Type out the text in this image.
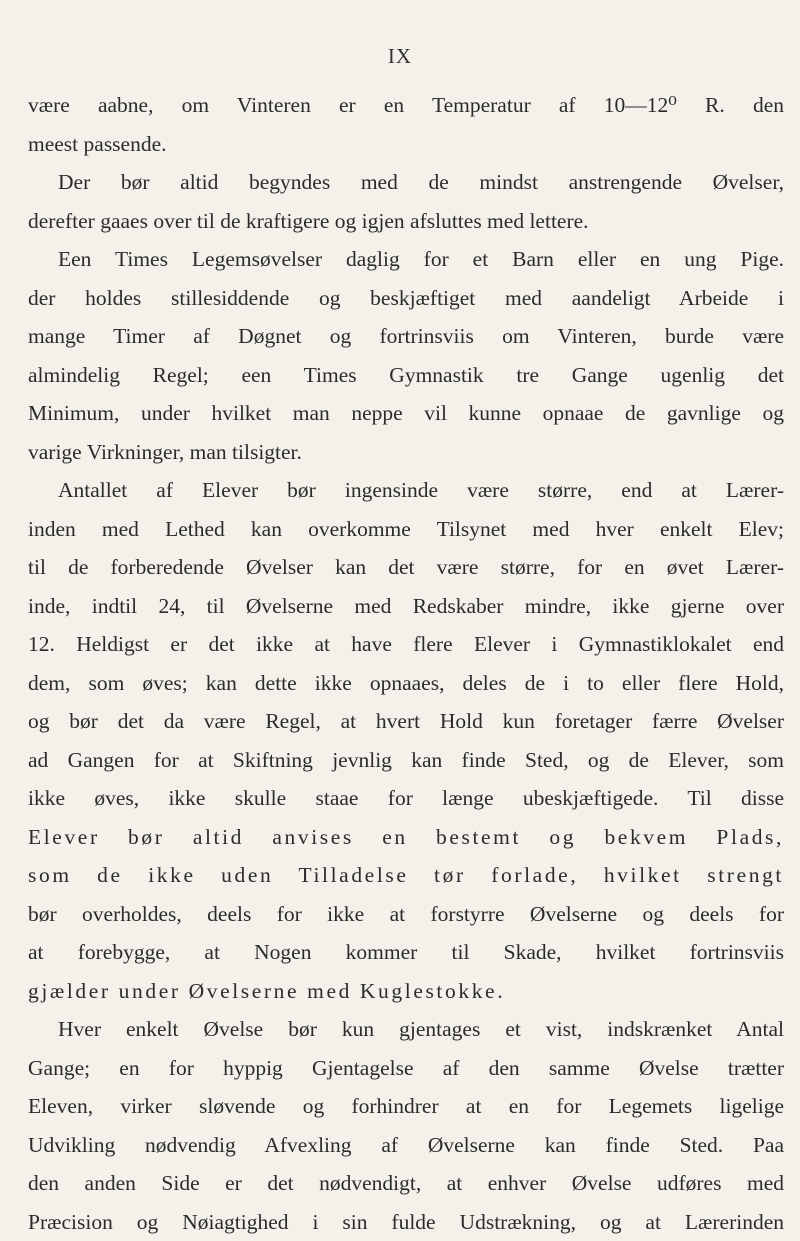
IX
være aabne, om Vinteren er en Temperatur af 10—12⁰ R. den
meest passende.
Der bør altid begyndes med de mindst anstrengende Øvelser,
derefter gaaes over til de kraftigere og igjen afsluttes med lettere.
Een Times Legemsøvelser daglig for et Barn eller en ung Pige.
der holdes stillesiddende og beskjæftiget med aandeligt Arbeide i
mange Timer af Døgnet og fortrinsviis om Vinteren, burde være
almindelig Regel; een Times Gymnastik tre Gange ugenlig det
Minimum, under hvilket man neppe vil kunne opnaae de gavnlige og
varige Virkninger, man tilsigter.
Antallet af Elever bør ingensinde være større, end at Lærer-
inden med Lethed kan overkomme Tilsynet med hver enkelt Elev;
til de forberedende Øvelser kan det være større, for en øvet Lærer-
inde, indtil 24, til Øvelserne med Redskaber mindre, ikke gjerne over
12. Heldigst er det ikke at have flere Elever i Gymnastiklokalet end
dem, som øves; kan dette ikke opnaaes, deles de i to eller flere Hold,
og bør det da være Regel, at hvert Hold kun foretager færre Øvelser
ad Gangen for at Skiftning jevnlig kan finde Sted, og de Elever, som
ikke øves, ikke skulle staae for længe ubeskjæftigede. Til disse
Elever bør altid anvises en bestemt og bekvem Plads,
som de ikke uden Tilladelse tør forlade, hvilket strengt
bør overholdes, deels for ikke at forstyrre Øvelserne og deels for
at forebygge, at Nogen kommer til Skade, hvilket fortrinsviis
gjælder under Øvelserne med Kuglestokke.
Hver enkelt Øvelse bør kun gjentages et vist, indskrænket Antal
Gange; en for hyppig Gjentagelse af den samme Øvelse trætter
Eleven, virker sløvende og forhindrer at en for Legemets ligelige
Udvikling nødvendig Afvexling af Øvelserne kan finde Sted. Paa
den anden Side er det nødvendigt, at enhver Øvelse udføres med
Præcision og Nøiagtighed i sin fulde Udstrækning, og at Lærerinden
